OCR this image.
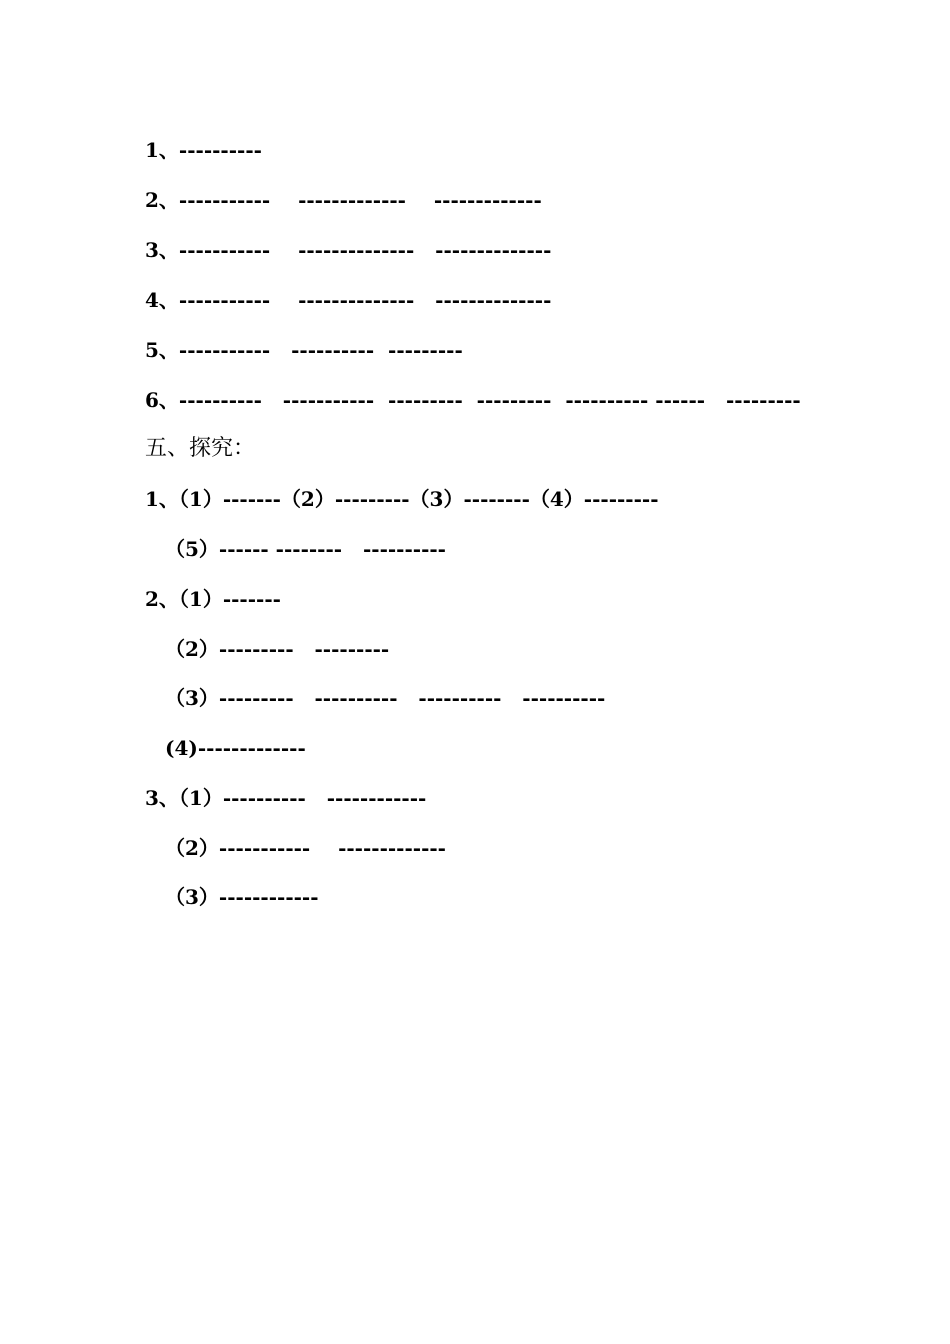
1、----------
2、-----------    -------------    -------------
3、-----------    --------------   --------------
4、-----------    --------------   --------------
5、-----------   ----------  ---------
6、----------   -----------  ---------  ---------  ---------- ------   ---------
五、探究：
1、（1）-------（2）---------（3）--------（4）---------
（5）------ --------   ----------
2、（1）-------
（2）---------   ---------
（3）---------   ----------   ----------   ----------
(4)-------------
3、（1）----------   ------------
（2）-----------    -------------
（3）------------
